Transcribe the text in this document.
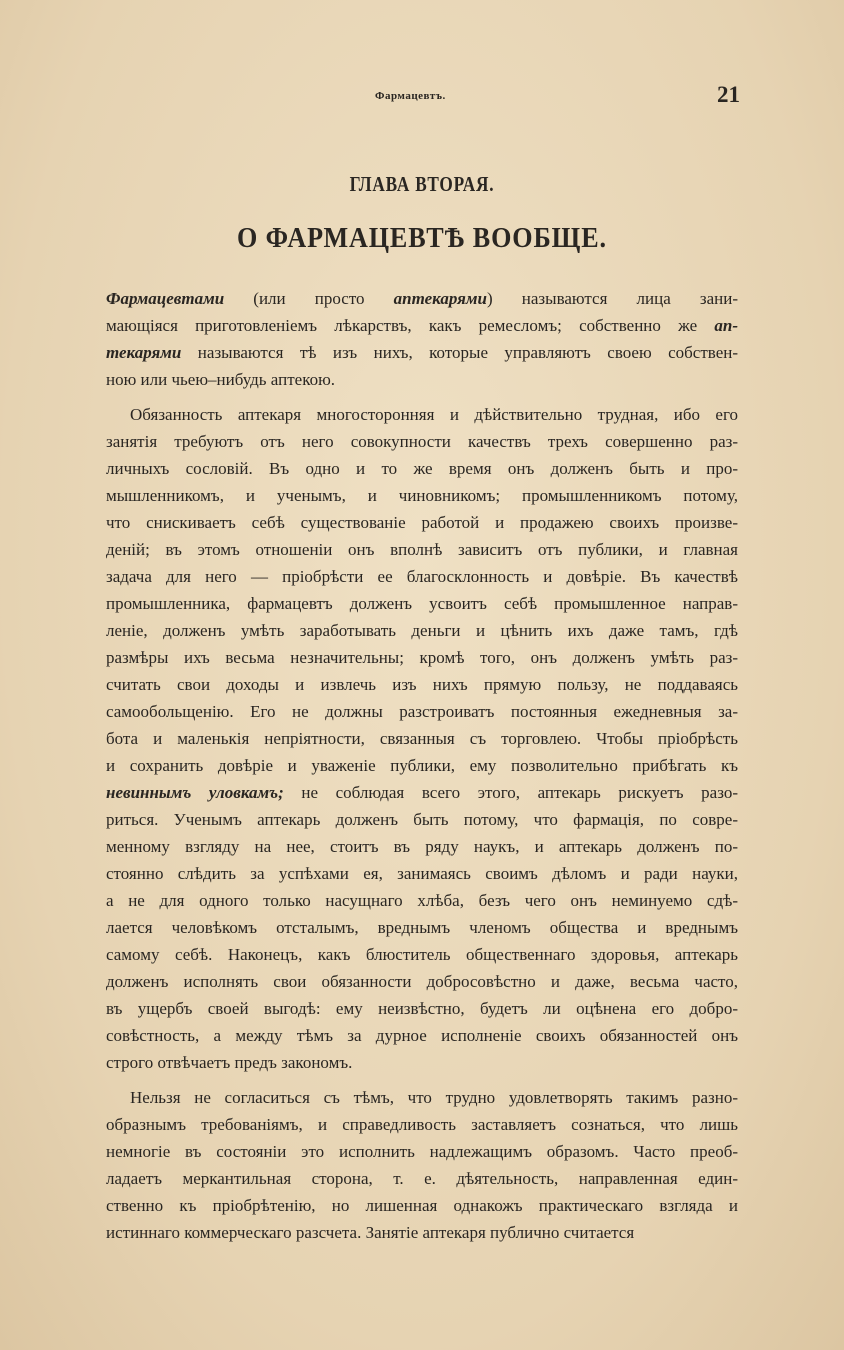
Фармацевтъ.	21
ГЛАВА ВТОРАЯ.
О ФАРМАЦЕВТѢ ВООБЩЕ.
Фармацевтами (или просто аптекарями) называются лица зани-
мающіяся приготовленіемъ лѣкарствъ, какъ ремесломъ; собственно же ап-
текарями называются тѣ изъ нихъ, которые управляютъ своею собствен-
ною или чьею–нибудь аптекою.
Обязанность аптекаря многосторонняя и дѣйствительно трудная, ибо его
занятія требуютъ отъ него совокупности качествъ трехъ совершенно раз-
личныхъ сословій. Въ одно и то же время онъ долженъ быть и про-
мышленникомъ, и ученымъ, и чиновникомъ; промышленникомъ потому,
что снискиваетъ себѣ существованіе работой и продажею своихъ произве-
деній; въ этомъ отношеніи онъ вполнѣ зависитъ отъ публики, и главная
задача для него — пріобрѣсти ее благосклонность и довѣріе. Въ качествѣ
промышленника, фармацевтъ долженъ усвоитъ себѣ промышленное направ-
леніе, долженъ умѣть заработывать деньги и цѣнить ихъ даже тамъ, гдѣ
размѣры ихъ весьма незначительны; кромѣ того, онъ долженъ умѣть раз-
считать свои доходы и извлечь изъ нихъ прямую пользу, не поддаваясь
самообольщенію. Его не должны разстроиватъ постоянныя ежедневныя за-
бота и маленькія непріятности, связанныя съ торговлею. Чтобы пріобрѣсть
и сохранить довѣріе и уваженіе публики, ему позволительно прибѣгать къ
невиннымъ уловкамъ; не соблюдая всего этого, аптекарь рискуетъ разо-
риться. Ученымъ аптекарь долженъ быть потому, что фармація, по совре-
менному взгляду на нее, стоитъ въ ряду наукъ, и аптекарь долженъ по-
стоянно слѣдить за успѣхами ея, занимаясь своимъ дѣломъ и ради науки,
а не для одного только насущнаго хлѣба, безъ чего онъ неминуемо сдѣ-
лается человѣкомъ отсталымъ, вреднымъ членомъ общества и вреднымъ
самому себѣ. Наконецъ, какъ блюститель общественнаго здоровья, аптекарь
долженъ исполнять свои обязанности добросовѣстно и даже, весьма часто,
въ ущербъ своей выгодѣ: ему неизвѣстно, будетъ ли оцѣнена его добро-
совѣстность, а между тѣмъ за дурное исполненіе своихъ обязанностей онъ
строго отвѣчаетъ предъ закономъ.
Нельзя не согласиться съ тѣмъ, что трудно удовлетворять такимъ разно-
образнымъ требованіямъ, и справедливость заставляетъ сознаться, что лишь
немногіе въ состояніи это исполнить надлежащимъ образомъ. Часто преоб-
ладаетъ меркантильная сторона, т. е. дѣятельность, направленная един-
ственно къ пріобрѣтенію, но лишенная однакожъ практическаго взгляда и
истиннаго коммерческаго разсчета. Занятіе аптекаря публично считается
